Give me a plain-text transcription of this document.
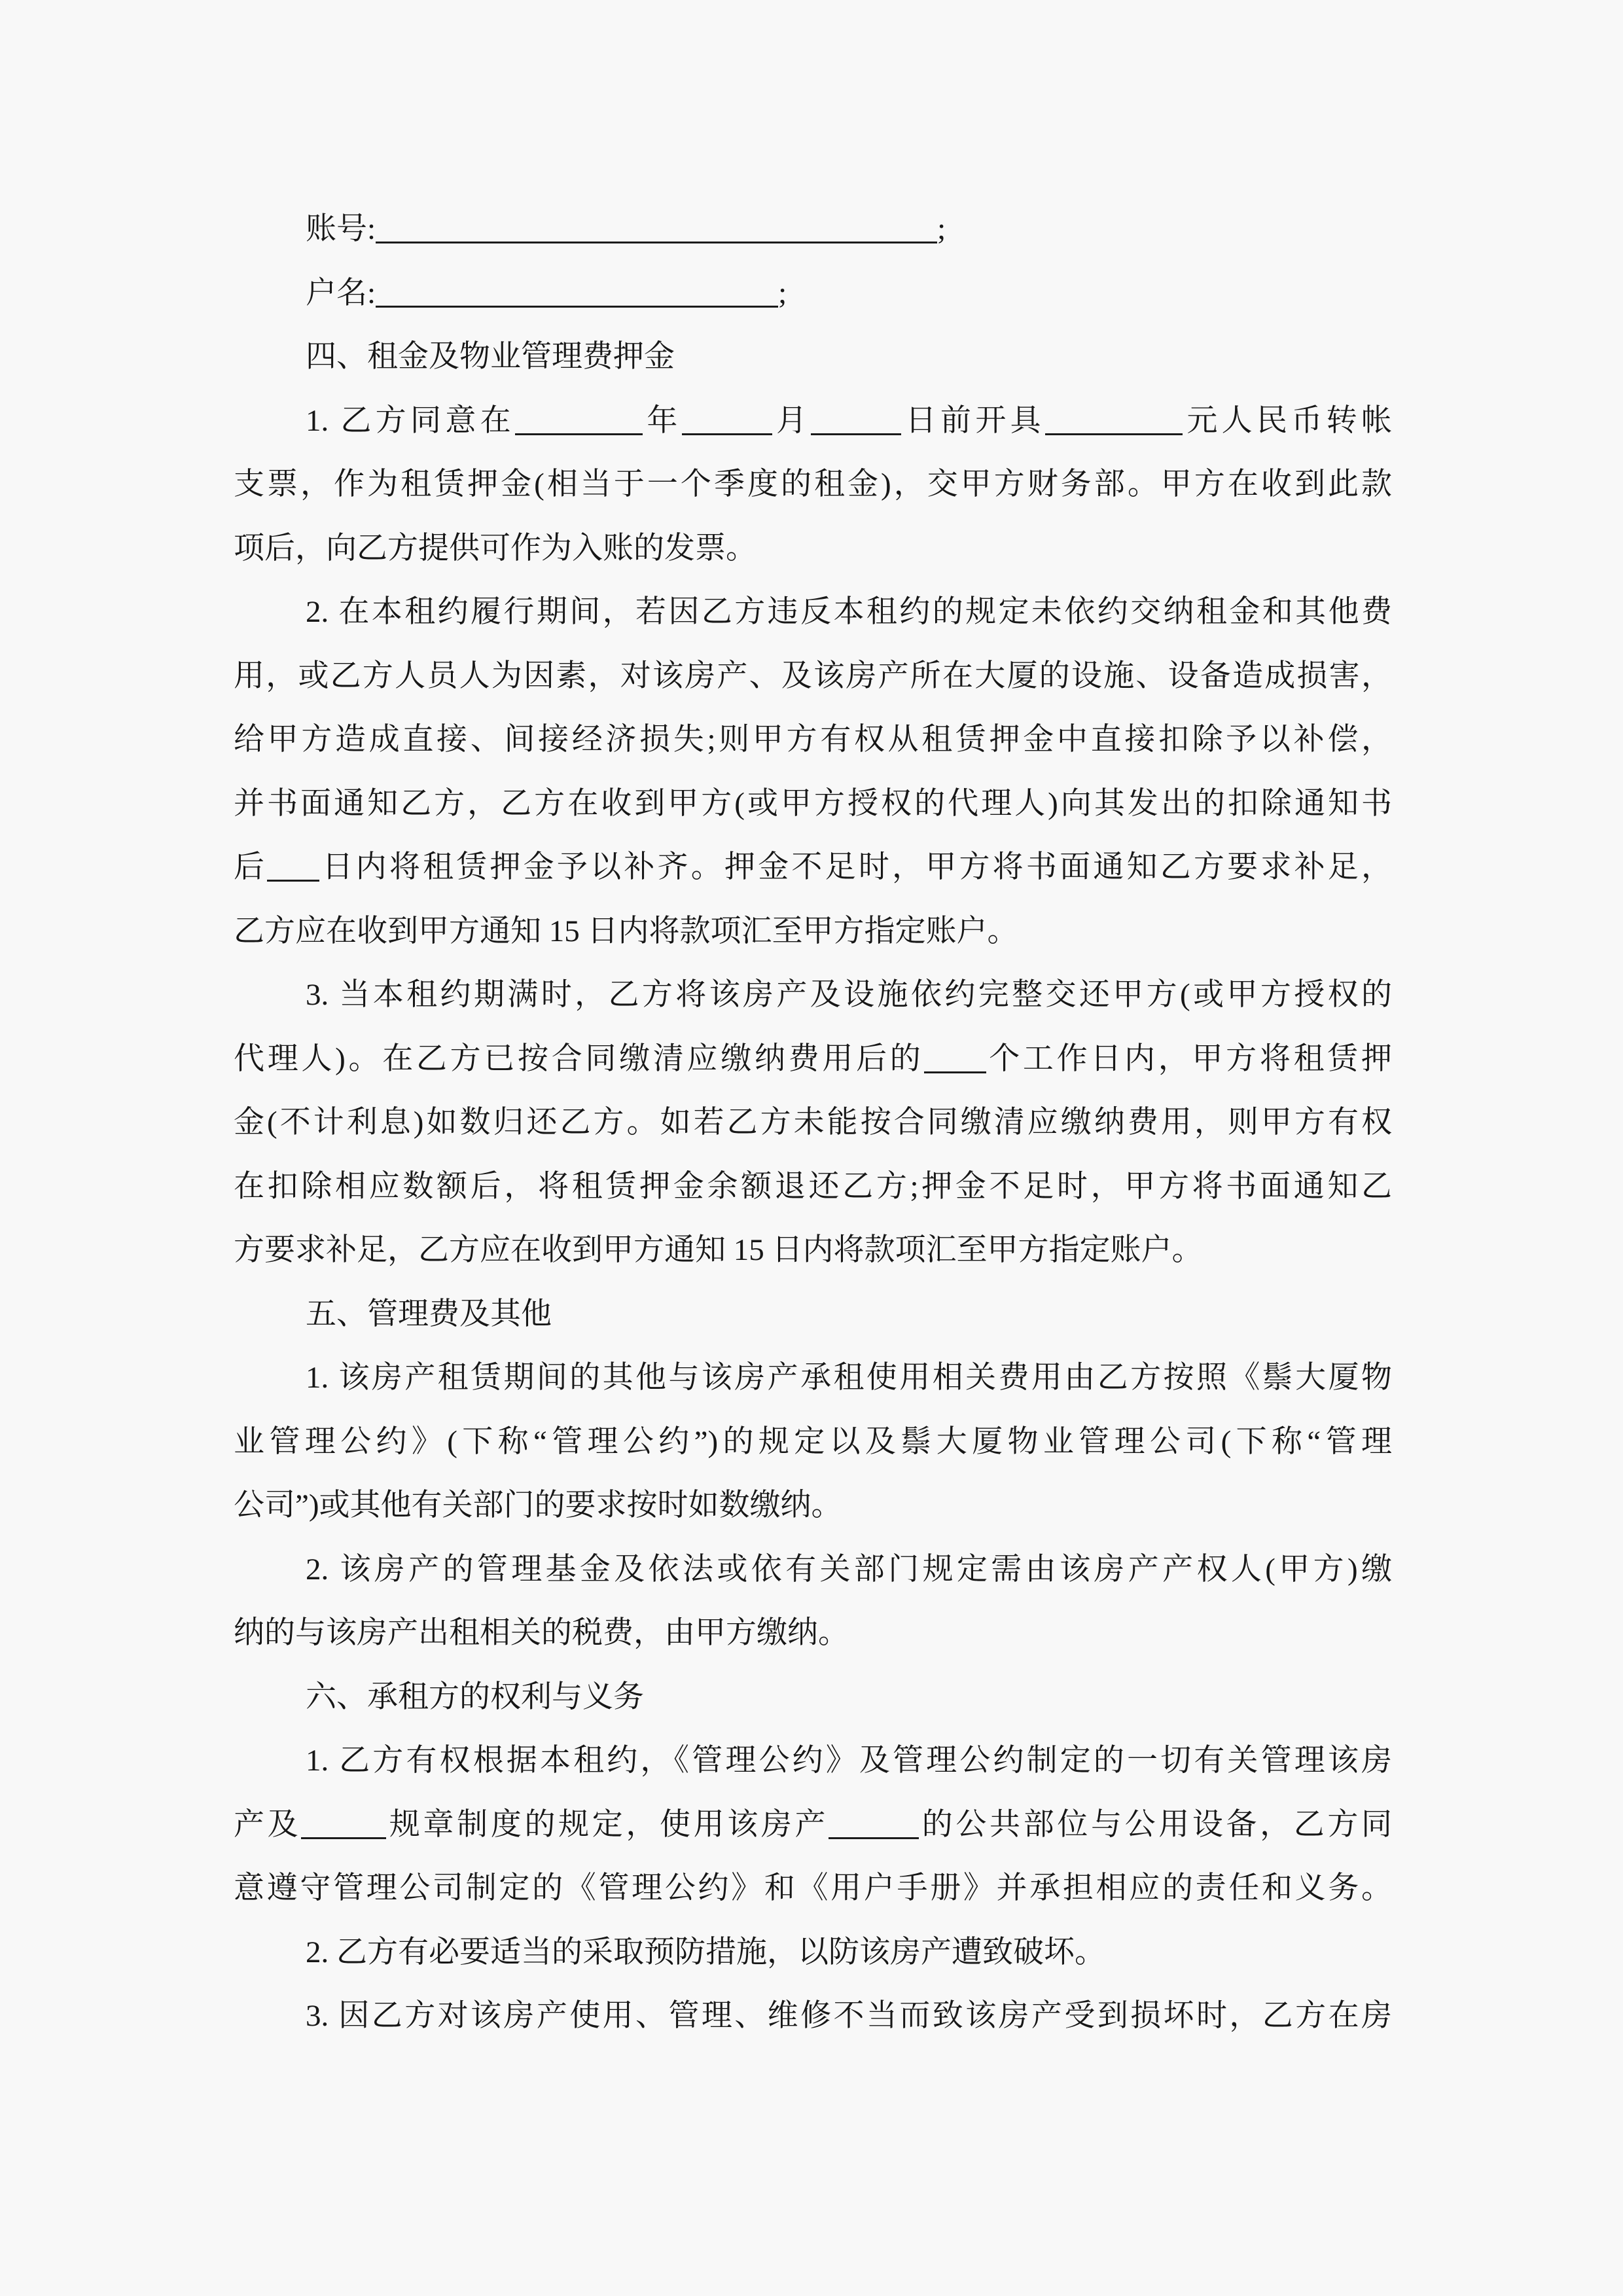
账号:	;
户名:	;
四、租金及物业管理费押金
1. 乙方同意在	年	月	日前开具	元人民币转帐
支票，作为租赁押金(相当于一个季度的租金)，交甲方财务部。甲方在收到此款
项后，向乙方提供可作为入账的发票。
2. 在本租约履行期间，若因乙方违反本租约的规定未依约交纳租金和其他费
用，或乙方人员人为因素，对该房产、及该房产所在大厦的设施、设备造成损害，
给甲方造成直接、间接经济损失;则甲方有权从租赁押金中直接扣除予以补偿，
并书面通知乙方，乙方在收到甲方(或甲方授权的代理人)向其发出的扣除通知书
后 日内将租赁押金予以补齐。押金不足时，甲方将书面通知乙方要求补足，
乙方应在收到甲方通知 15 日内将款项汇至甲方指定账户。
3. 当本租约期满时，乙方将该房产及设施依约完整交还甲方(或甲方授权的
代理人)。在乙方已按合同缴清应缴纳费用后的 个工作日内，甲方将租赁押
金(不计利息)如数归还乙方。如若乙方未能按合同缴清应缴纳费用，则甲方有权
在扣除相应数额后，将租赁押金余额退还乙方;押金不足时，甲方将书面通知乙
方要求补足，乙方应在收到甲方通知 15 日内将款项汇至甲方指定账户。
五、管理费及其他
1. 该房产租赁期间的其他与该房产承租使用相关费用由乙方按照《鬃大厦物
业管理公约》(下称“管理公约”)的规定以及鬃大厦物业管理公司(下称“管理
公司”)或其他有关部门的要求按时如数缴纳。
2. 该房产的管理基金及依法或依有关部门规定需由该房产产权人(甲方)缴
纳的与该房产出租相关的税费，由甲方缴纳。
六、承租方的权利与义务
1. 乙方有权根据本租约，《管理公约》及管理公约制定的一切有关管理该房
产及	规章制度的规定，使用该房产	的公共部位与公用设备，乙方同
意遵守管理公司制定的《管理公约》和《用户手册》并承担相应的责任和义务。
2. 乙方有必要适当的采取预防措施，以防该房产遭致破坏。
3. 因乙方对该房产使用、管理、维修不当而致该房产受到损坏时，乙方在房
